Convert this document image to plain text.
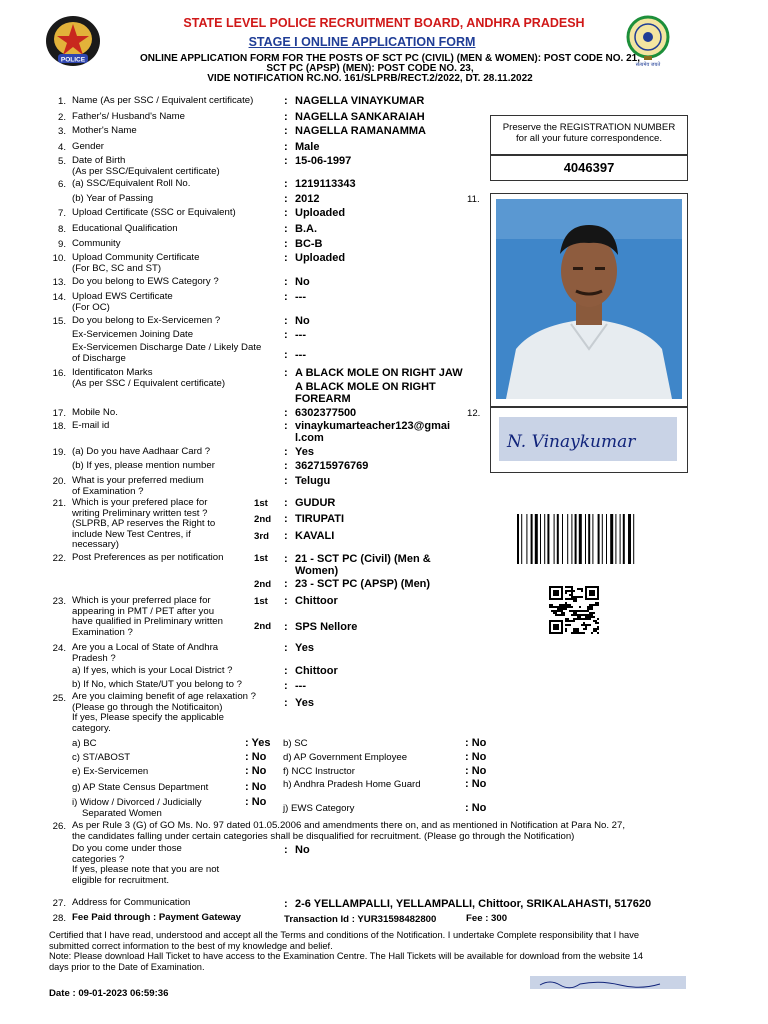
POLICE
सत्यमेव जयते
STATE LEVEL POLICE RECRUITMENT BOARD, ANDHRA PRADESH
STAGE I ONLINE APPLICATION FORM
ONLINE APPLICATION FORM FOR THE POSTS OF SCT PC (CIVIL) (MEN & WOMEN): POST CODE NO. 21,
SCT PC (APSP) (MEN): POST CODE NO. 23,
VIDE NOTIFICATION RC.NO. 161/SLPRB/RECT.2/2022, DT. 28.11.2022
Preserve the REGISTRATION NUMBER for all your future correspondence.
4046397
11.
12.
N. Vinaykumar
1. Name (As per SSC / Equivalent certificate)	: NAGELLA VINAYKUMAR
2. Father's/ Husband's Name	: NAGELLA SANKARAIAH
3. Mother's Name	: NAGELLA RAMANAMMA
4. Gender	: Male
5. Date of Birth
(As per SSC/Equivalent certificate)
: 15-06-1997
6. (a) SSC/Equivalent Roll No.	: 1219113343
(b) Year of Passing	: 2012
7. Upload Certificate (SSC or Equivalent)	: Uploaded
8. Educational Qualification	: B.A.
9. Community	: BC-B
10. Upload Community Certificate
(For BC, SC and ST)
: Uploaded
13. Do you belong to EWS Category ?	: No
14. Upload EWS Certificate
(For OC)
: ---
15. Do you belong to Ex-Servicemen ?	: No
Ex-Servicemen Joining Date	: ---
Ex-Servicemen Discharge Date / Likely Date
of Discharge	: ---
16. Identificaton Marks
(As per SSC / Equivalent certificate)
: A BLACK MOLE ON RIGHT JAW
A BLACK MOLE ON RIGHT
FOREARM
17. Mobile No.	: 6302377500
18. E-mail id	: vinaykumarteacher123@gmai
l.com
19. (a) Do you have Aadhaar Card ?	: Yes
(b) If yes, please mention number	: 362715976769
20. What is your preferred medium
of Examination ?
: Telugu
21. Which is your prefered place for
writing Preliminary written test ?
(SLPRB, AP reserves the Right to
include New Test Centres, if
necessary)
1st : GUDUR
2nd : TIRUPATI
3rd : KAVALI
22. Post Preferences as per notification	1st : 21 - SCT PC (Civil) (Men &
Women)
2nd : 23 - SCT PC (APSP) (Men)
23. Which is your preferred place for
appearing in PMT / PET after you
have qualified in Preliminary written
Examination ?
1st : Chittoor
2nd : SPS Nellore
24. Are you a Local of State of Andhra
Pradesh ?
: Yes
a) If yes, which is your Local District ?	: Chittoor
b) If No, which State/UT you belong to ?	: ---
25. Are you claiming benefit of age relaxation ?
(Please go through the Notificaiton)
If yes, Please specify the applicable
category.
: Yes
a) BC	: Yes
c) ST/ABOST	: No
e) Ex-Servicemen	: No
g) AP State Census Department	: No
i) Widow / Divorced / Judicially
Separated Women
: No
b) SC	: No
d) AP Government Employee	: No
f) NCC Instructor	: No
h) Andhra Pradesh Home Guard	: No
j) EWS Category	: No
26. As per Rule 3 (G) of GO Ms. No. 97 dated 01.05.2006 and amendments there on, and as mentioned in Notification at Para No. 27,
the candidates falling under certain categories shall be disqualified for recruitment. (Please go through the Notification)
Do you come under those
categories ?
If yes, please note that you are not
eligible for recruitment.
: No
27. Address for Communication	: 2-6 YELLAMPALLI, YELLAMPALLI, Chittoor, SRIKALAHASTI, 517620
28. Fee Paid through : Payment Gateway	Transaction Id : YUR31598482800	Fee : 300
Certified that I have read, understood and accept all the Terms and conditions of the Notification. I undertake Complete responsibility that I have
submitted correct information to the best of my knowledge and belief.
Note: Please download Hall Ticket to have access to the Examination Centre. The Hall Tickets will be available for download from the website 14
days prior to the Date of Examination.
Date : 09-01-2023 06:59:36
